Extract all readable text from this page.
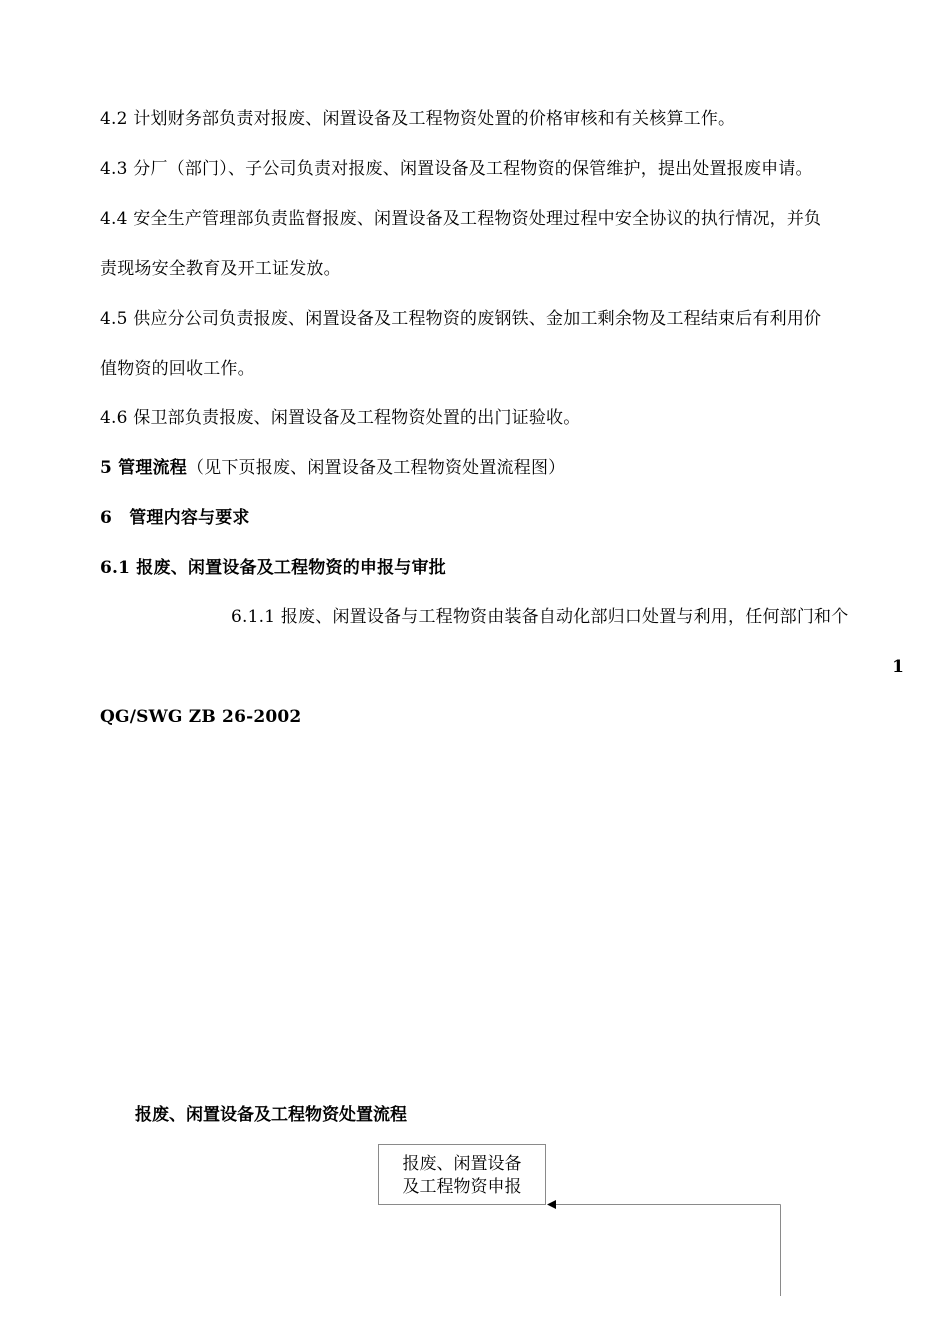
4.2 计划财务部负责对报废、闲置设备及工程物资处置的价格审核和有关核算工作。
4.3 分厂（部门）、子公司负责对报废、闲置设备及工程物资的保管维护，提出处置报废申请。
4.4 安全生产管理部负责监督报废、闲置设备及工程物资处理过程中安全协议的执行情况，并负
责现场安全教育及开工证发放。
4.5 供应分公司负责报废、闲置设备及工程物资的废钢铁、金加工剩余物及工程结束后有利用价
值物资的回收工作。
4.6 保卫部负责报废、闲置设备及工程物资处置的出门证验收。
5 管理流程（见下页报废、闲置设备及工程物资处置流程图）
6　管理内容与要求
6.1 报废、闲置设备及工程物资的申报与审批
6.1.1 报废、闲置设备与工程物资由装备自动化部归口处置与利用，任何部门和个
1
QG/SWG ZB 26-2002
报废、闲置设备及工程物资处置流程
报废、闲置设备
及工程物资申报
